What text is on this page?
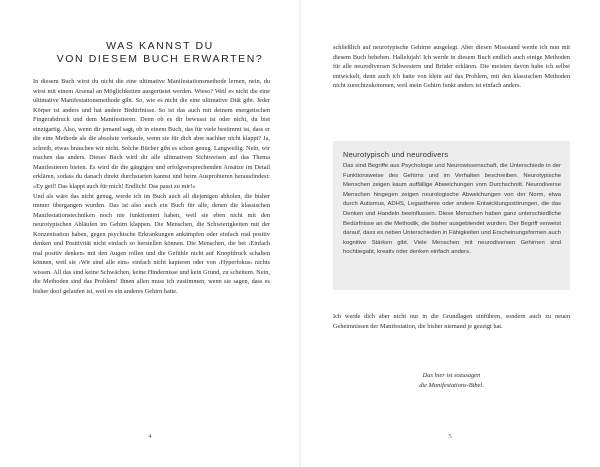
WAS KANNST DU
VON DIESEM BUCH ERWARTEN?

In diesem Buch wirst du nicht die eine ultimative Manifestationsmethode lernen, nein, du wirst mit einem Arsenal an Möglichkeiten ausgerüstet werden. Wieso? Weil es nicht die eine ultimative Manifestationsmethode gibt. So, wie es nicht die eine ultimative Diät gibt. Jeder Körper ist anders und hat andere Bedürfnisse. So ist das auch mit deinem energetischen Fingerabdruck und dem Manifestieren. Denn ob es dir bewusst ist oder nicht, du bist einzigartig. Also, wenn dir jemand sagt, ob in einem Buch, das für viele bestimmt ist, dass er die eine Methode als die absolute verkaufe, wenn sie für dich aber nachher nicht klappt? Ja, schreib, etwas brauchen wir nicht. Solche Bücher gibt es schon genug. Langweilig. Nein, wir machen das anders. Dieses Buch wird dir alle ultimativen Sichtweisen auf das Thema Manifestieren bieten. Es wird dir die gängigen und erfolgversprechenden Ansätze im Detail erklären, sodass du danach direkt durchstarten kannst und beim Ausprobieren herausfindest: »Ey geil! Das klappt auch für mich! Endlich! Das passt zu mir!«

Und als wäre das nicht genug, werde ich im Buch auch all diejenigen abholen, die bisher immer übergangen wurden. Das ist also auch ein Buch für alle, denen die klassischen Manifestationstechniken noch nie funktioniert haben, weil sie eben nicht mit den neurotypischen Abläufen im Gehirn klappen. Die Menschen, die Schwierigkeiten mit der Konzentration haben, gegen psychische Erkrankungen ankämpfen oder einfach mal positiv denken und Positivität nicht einfach so herstellen können. Die Menschen, die bei ›Einfach mal positiv denken‹ mit den Augen rollen und die Gefühle nicht auf Knopfdruck schalten können, weil sie ›Wir sind alle eins‹ einfach nicht kapieren oder von ›Hyperfokus‹ nichts wissen. All das sind keine Schwächen, keine Hindernisse und kein Grund, zu scheitern. Nein, die Methoden sind das Problem! Ihnen allen muss ich zustimmen, wenn sie sagen, dass es bisher doof gelaufen ist, weil es ein anderes Gehirn hatte.

4

schließlich auf neurotypische Gehirne ausgelegt. Aber diesen Missstand werde ich nun mit diesem Buch beheben. Hallelujah! Ich werde in diesem Buch endlich auch einige Methoden für alle neurodiversen Schwestern und Brüder erklären. Die meisten davon habe ich selbst entwickelt, denn auch ich hatte von klein auf das Problem, mit den klassischen Methoden nicht zurechtzukommen, weil mein Gehirn funkt anders ist einfach anders.

Neurotypisch und neurodivers
Das sind Begriffe aus Psychologie und Neurowissenschaft, die Unterschiede in der Funktionsweise des Gehirns und im Verhalten beschreiben. Neurotypische Menschen zeigen kaum auffällige Abweichungen vom Durchschnitt. Neurodiverse Menschen hingegen zeigen neurologische Abweichungen von der Norm, etwa durch Autismus, ADHS, Legasthenie oder andere Entwicklungsstörungen, die das Denken und Handeln beeinflussen. Diese Menschen haben ganz unterschiedliche Bedürfnisse an die Methodik, die bisher ausgeblendet wurden. Der Begriff verweist darauf, dass es neben Unterschieden in Fähigkeiten und Erscheinungsformen auch kognitive Stärken gibt. Viele Menschen mit neurodiversen Gehirnen sind hochbegabt, kreativ oder denken einfach anders.

Ich werde dich aber nicht nur in die Grundlagen einführen, sondern auch zu neuen Geheimnissen der Manifestation, die bisher niemand je gezeigt hat.

Das hier ist sozusagen
die Manifestations-Bibel.
5
